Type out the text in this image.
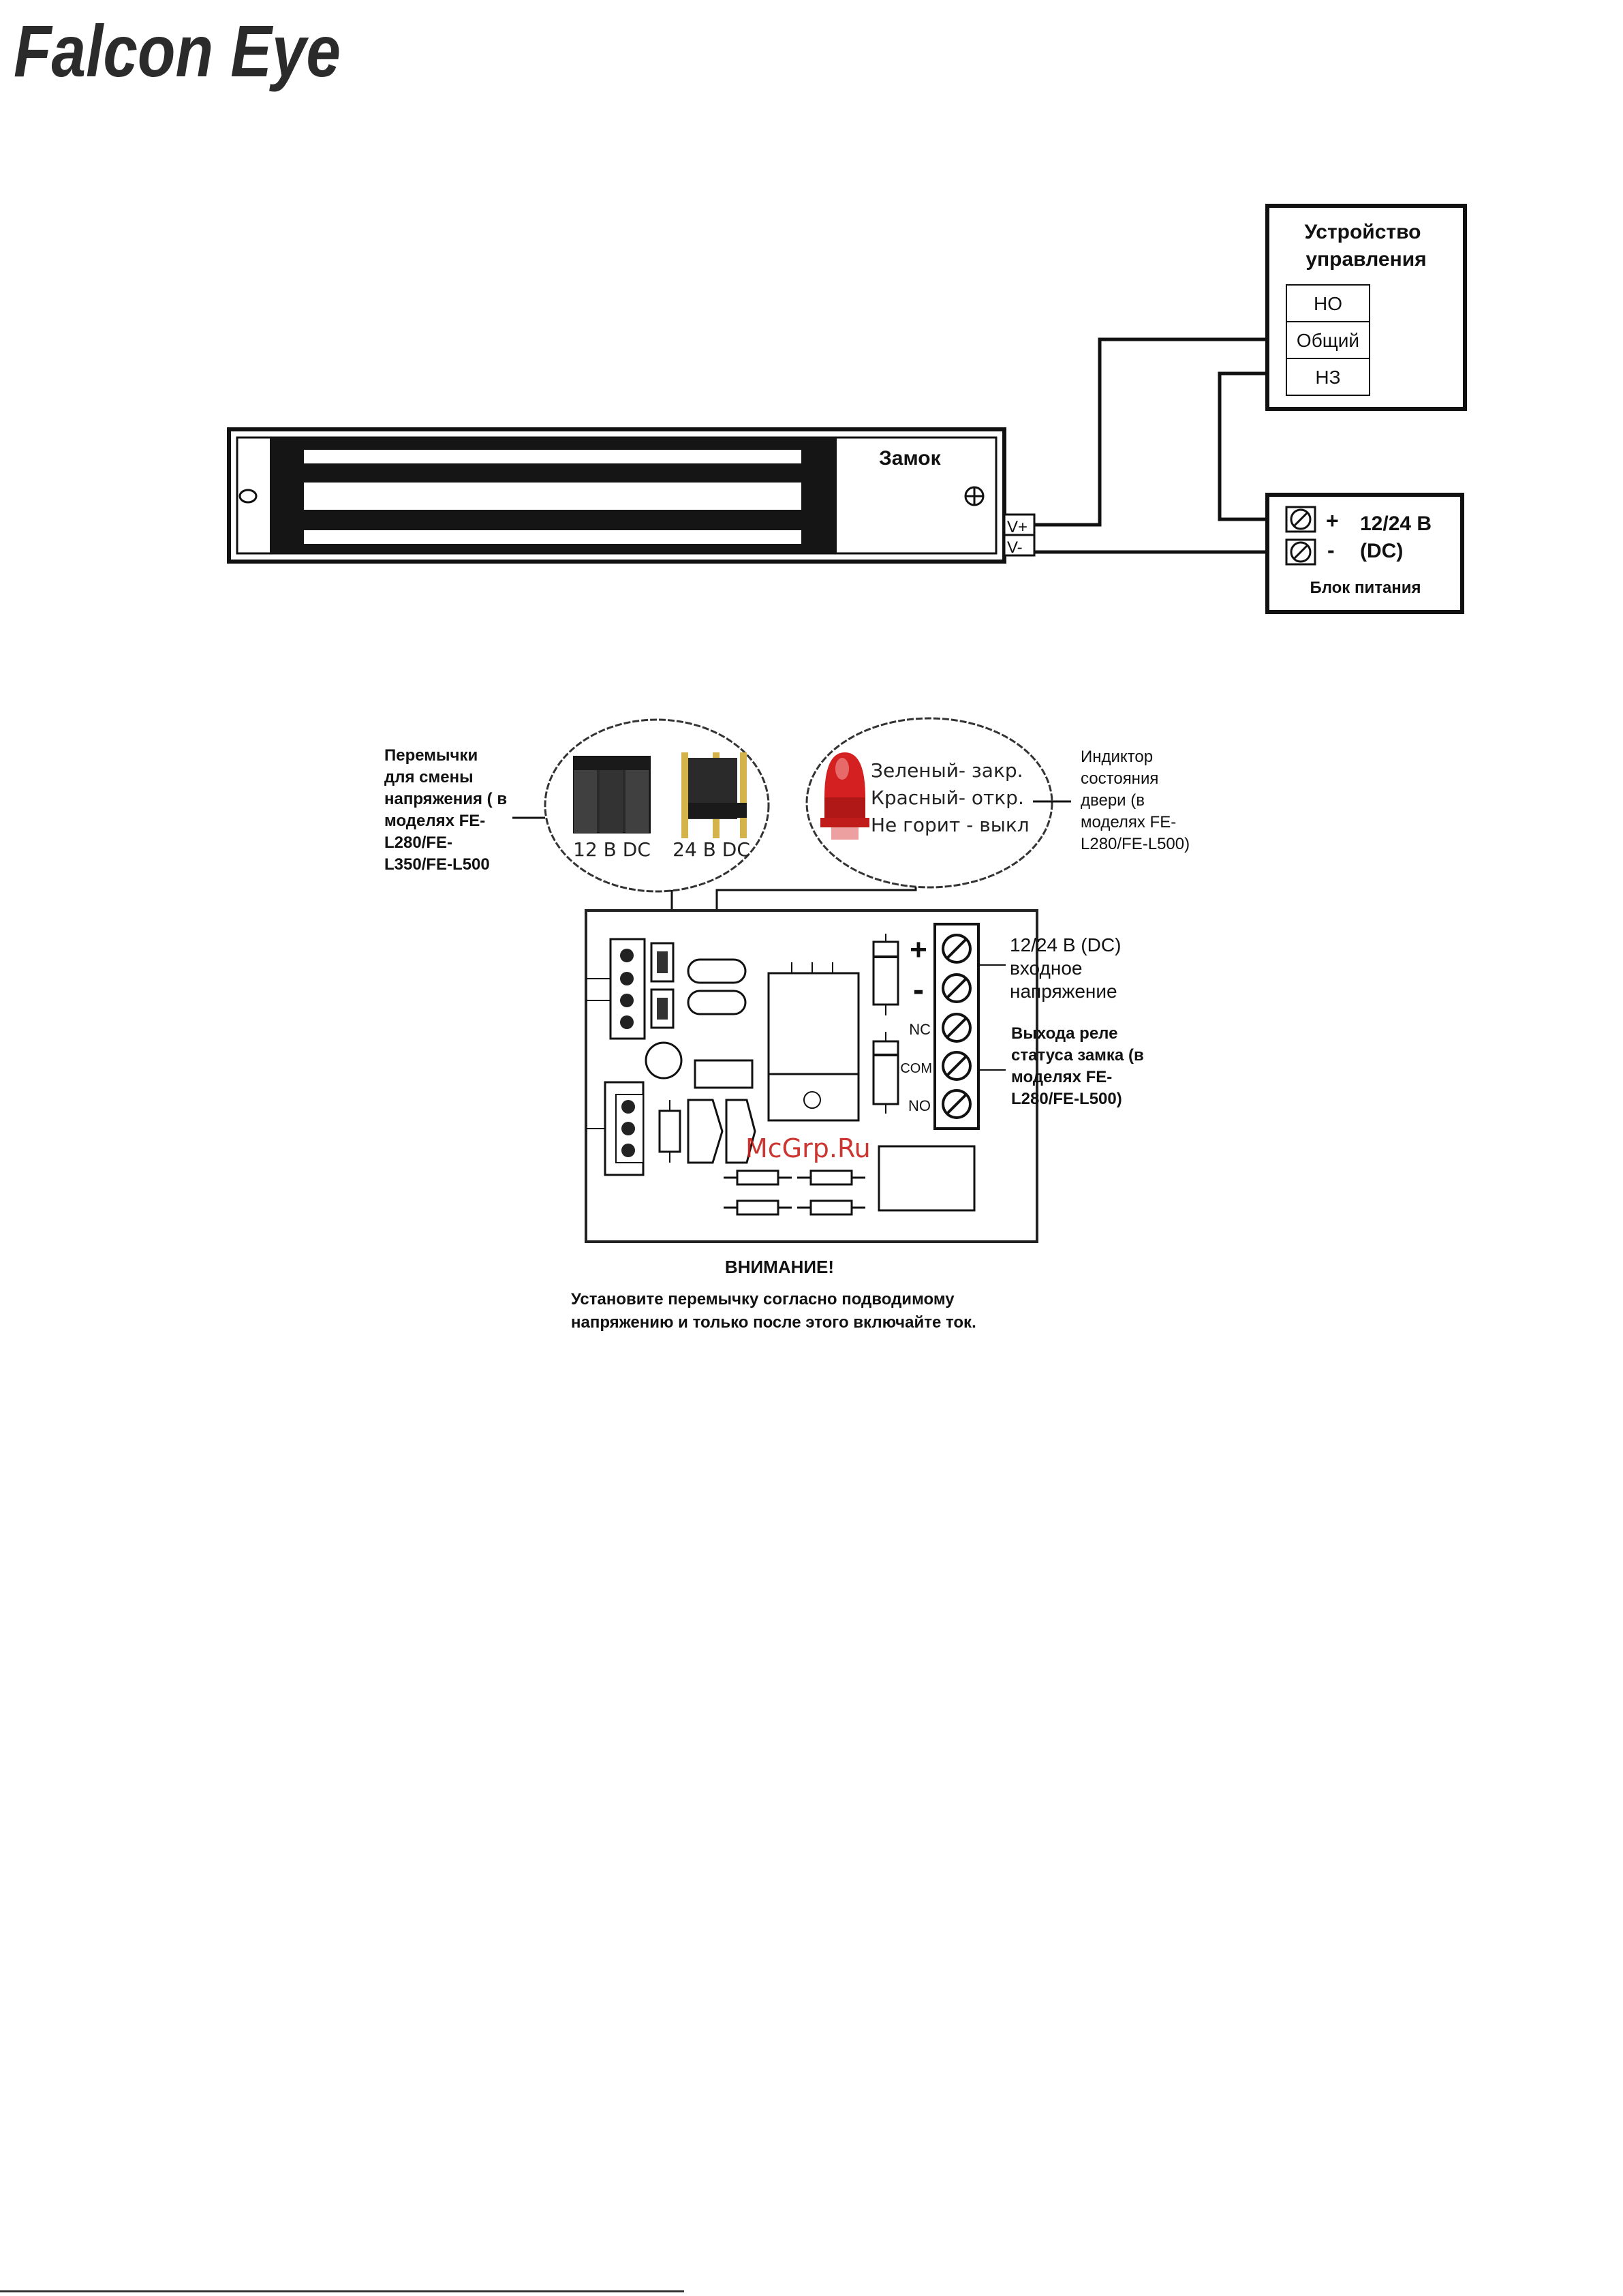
Falcon Eye
Замок
V+
V-
Устройство
управления
НО
Общий
НЗ
+
-
12/24 В
(DC)
Блок питания
Перемычки
для смены
напряжения ( в
моделях FE-
L280/FE-
L350/FE-L500
12 В DC 24 В DC
Зеленый- закр.
Красный- откр.
Не горит - выкл
Индиктор
состояния
двери (в
моделях FE-
L280/FE-L500)
+
-
NC
COM
NO
12/24 В (DC)
входное
напряжение
Выхода реле
статуса замка (в
моделях FE-
L280/FE-L500)
McGrp.Ru
ВНИМАНИЕ!
Установите перемычку согласно подводимому
напряжению и только после этого включайте ток.
